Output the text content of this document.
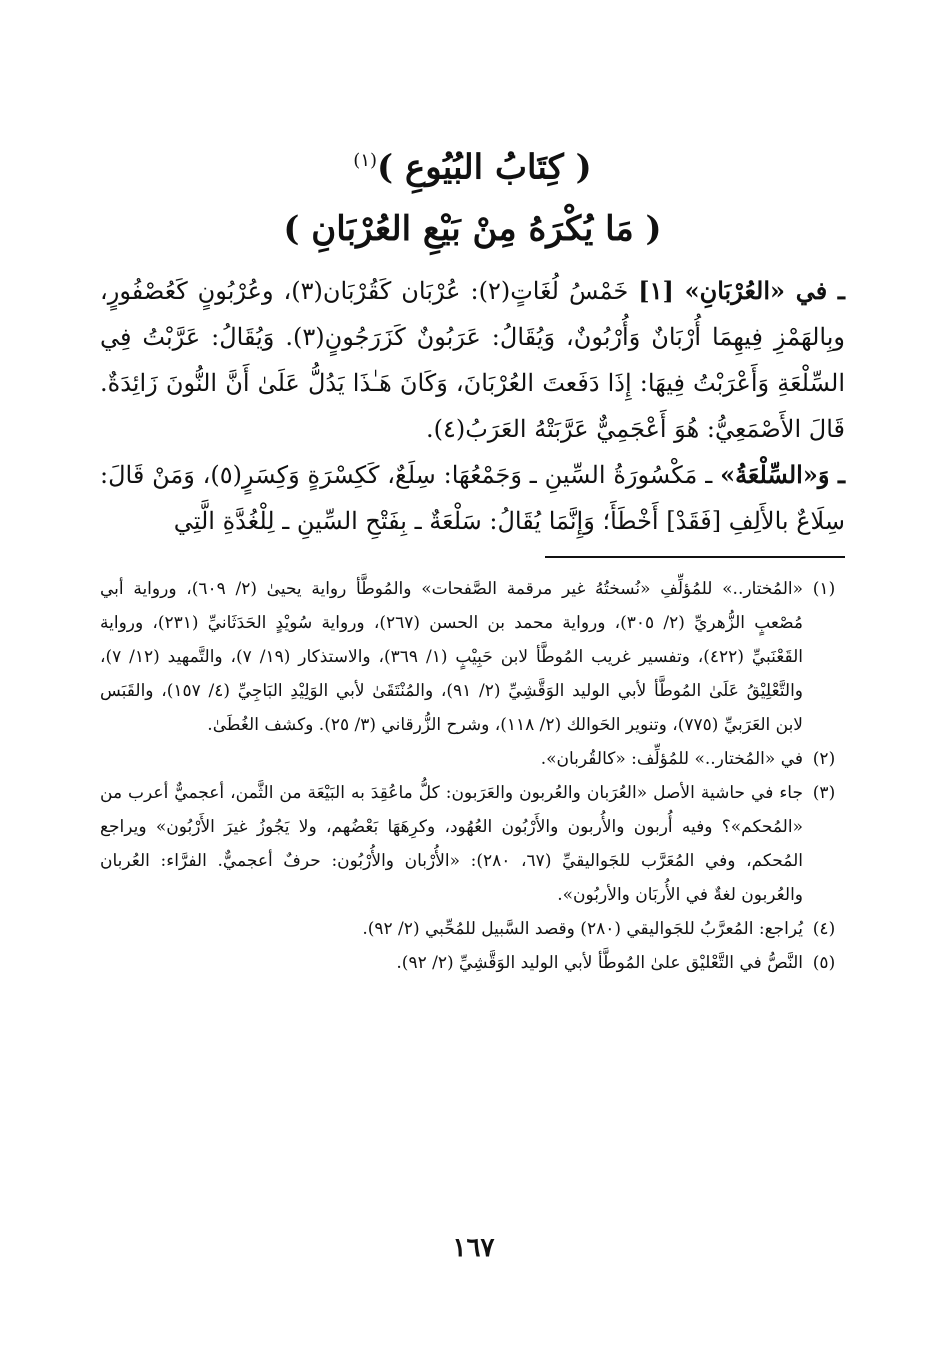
( كِتَابُ البُيُوعِ )$^{(١)}$
( مَا يُكْرَهُ مِنْ بَيْعِ العُرْبَانِ )

ـ في «العُرْبَانِ» [١] خَمْسُ لُغَاتٍ(٢): عُرْبَان كَقُرْبَان(٣)، وعُرْبُونٍ كَعُصْفُورٍ، وبِالهَمْزِ فِيهِمَا أُرْبَانٌ وَأُرْبُونٌ، وَيُقَالُ: عَرَبُونٌ كَزَرَجُونٍ(٣). وَيُقَالُ: عَرَّبْتُ فِي السِّلْعَةِ وَأَعْرَبْتُ فِيهَا: إِذَا دَفَعتَ العُرْبَانَ، وَكَانَ هَـٰذَا يَدُلُّ عَلَىٰ أَنَّ النُّونَ زَائِدَةٌ. قَالَ الأَصْمَعِيُّ: هُوَ أَعْجَمِيٌّ عَرَّبَتْهُ العَرَبُ(٤).

ـ وَ«السِّلْعَةُ» ـ مَكْسُورَةُ السِّينِ ـ وَجَمْعُهَا: سِلَعٌ، كَكِسْرَةٍ وَكِسَرٍ(٥)، وَمَنْ قَالَ: سِلَاعٌ بالأَلِفِ [فَقَدْ] أَخْطَأَ؛ وَإِنَّمَا يُقَالُ: سَلْعَةٌ ـ بِفَتْحِ السِّينِ ـ لِلْغُدَّةِ الَّتِي

(١)
«المُختار..» للمُؤلِّفِ «نُسختُهُ غير مرقمة الصَّفحات» والمُوطَّأ رواية يحيىٰ (٢/ ٦٠٩)، ورواية أبي مُصْعبٍ الزُّهريِّ (٢/ ٣٠٥)، ورواية محمد بن الحسن (٢٦٧)، ورواية سُويْدٍ الحَدَثَانيِّ (٢٣١)، ورواية القَعْنَبيِّ (٤٢٢)، وتفسير غريب المُوطَّأ لابن حَبِيْبٍ (١/ ٣٦٩)، والاستذكار (١٩/ ٧)، والتَّمهيد (١٢/ ٧)، والتَّعْلِيْقُ عَلَىٰ المُوطَّأ لأبي الوليد الوَقَّشِيِّ (٢/ ٩١)، والمُنْتَقَىٰ لأبي الوَلِيْدِ البَاجِيِّ (٤/ ١٥٧)، والقَبَس لابن العَرَبيِّ (٧٧٥)، وتنوير الحَوالك (٢/ ١١٨)، وشرح الزُّرقاني (٣/ ٢٥). وكشف الغُطَىٰ.
(٢)
في «المُختار..» للمُؤلِّف: «كالقُربان».
(٣)
جاء في حاشية الأصل «العُرَبان والعُربون والعَرَبون: كلُّ ماعُقِدَ به البَيْعَة من الثَّمن، أعجميٌّ أعرب من «المُحكم»؟ وفيه أُربون والأُربون والأَرْبُون العُهُود، وكرِهَهَا بَعْضُهم، ولا يَجُوزُ غيرَ الأَرْبُون» ويراجع المُحكم، وفي المُعَرَّب للجَواليقيِّ (٦٧، ٢٨٠): «الأُرْبان والأُرْبُون: حرفٌ أعجميٌّ. الفرَّاء: العُربان والعُربون لغةٌ في الأُربَان والأربُون».
(٤)
يُراجع: المُعرَّبُ للجَواليقي (٢٨٠) وقصد السَّبيل للمُحِّبي (٢/ ٩٢).
(٥)
النَّصُّ في التَّعْليْق علىٰ المُوطَّأ لأبي الوليد الوَقَّشِيِّ (٢/ ٩٢).
١٦٧
